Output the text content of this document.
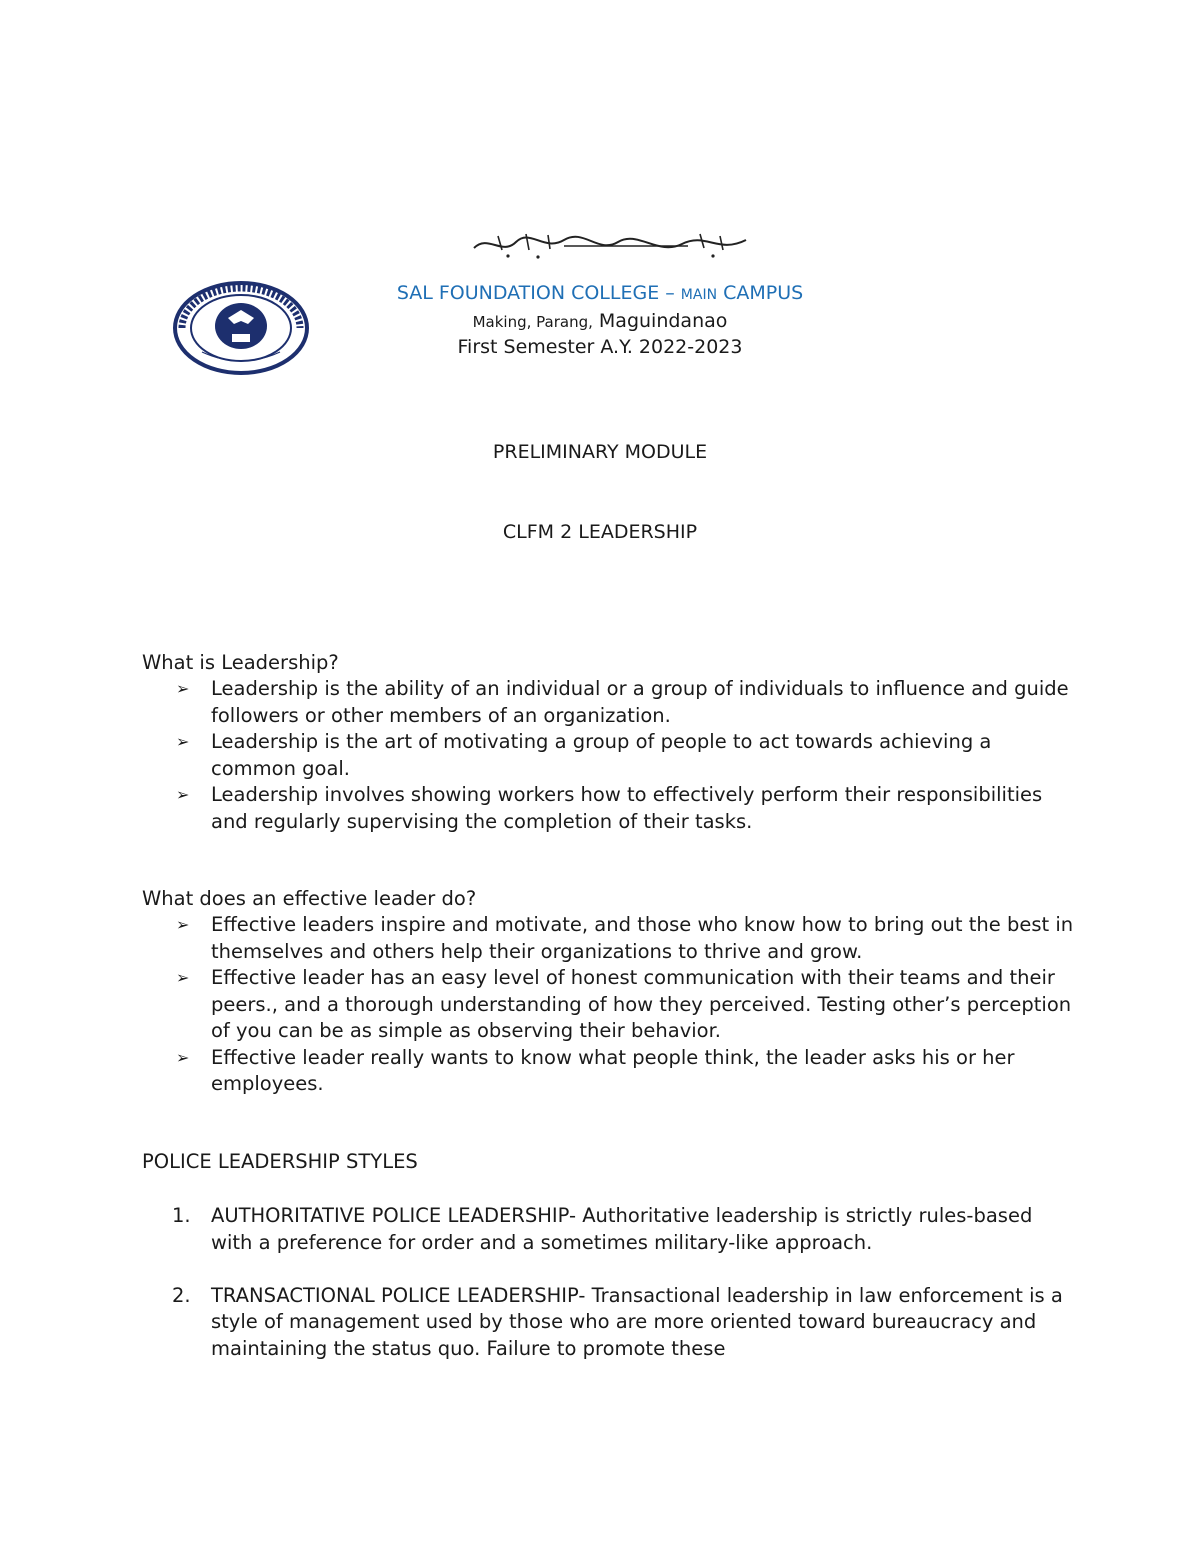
SAL FOUNDATION COLLEGE – MAIN CAMPUS
Making, Parang, Maguindanao
First Semester A.Y. 2022-2023
PRELIMINARY MODULE
CLFM 2 LEADERSHIP
What is Leadership?
➢	Leadership is the ability of an individual or a group of individuals to influence and guide followers or other members of an organization.
➢	Leadership is the art of motivating a group of people to act towards achieving a common goal.
➢	Leadership involves showing workers how to effectively perform their responsibilities and regularly supervising the completion of their tasks.
What does an effective leader do?
➢	Effective leaders inspire and motivate, and those who know how to bring out the best in themselves and others help their organizations to thrive and grow.
➢	Effective leader has an easy level of honest communication with their teams and their peers., and a thorough understanding of how they perceived. Testing other’s perception of you can be as simple as observing their behavior.
➢	Effective leader really wants to know what people think, the leader asks his or her employees.
POLICE LEADERSHIP STYLES
1. AUTHORITATIVE POLICE LEADERSHIP- Authoritative leadership is strictly rules-based with a preference for order and a sometimes military-like approach.
2. TRANSACTIONAL POLICE LEADERSHIP- Transactional leadership in law enforcement is a style of management used by those who are more oriented toward bureaucracy and maintaining the status quo. Failure to promote these
